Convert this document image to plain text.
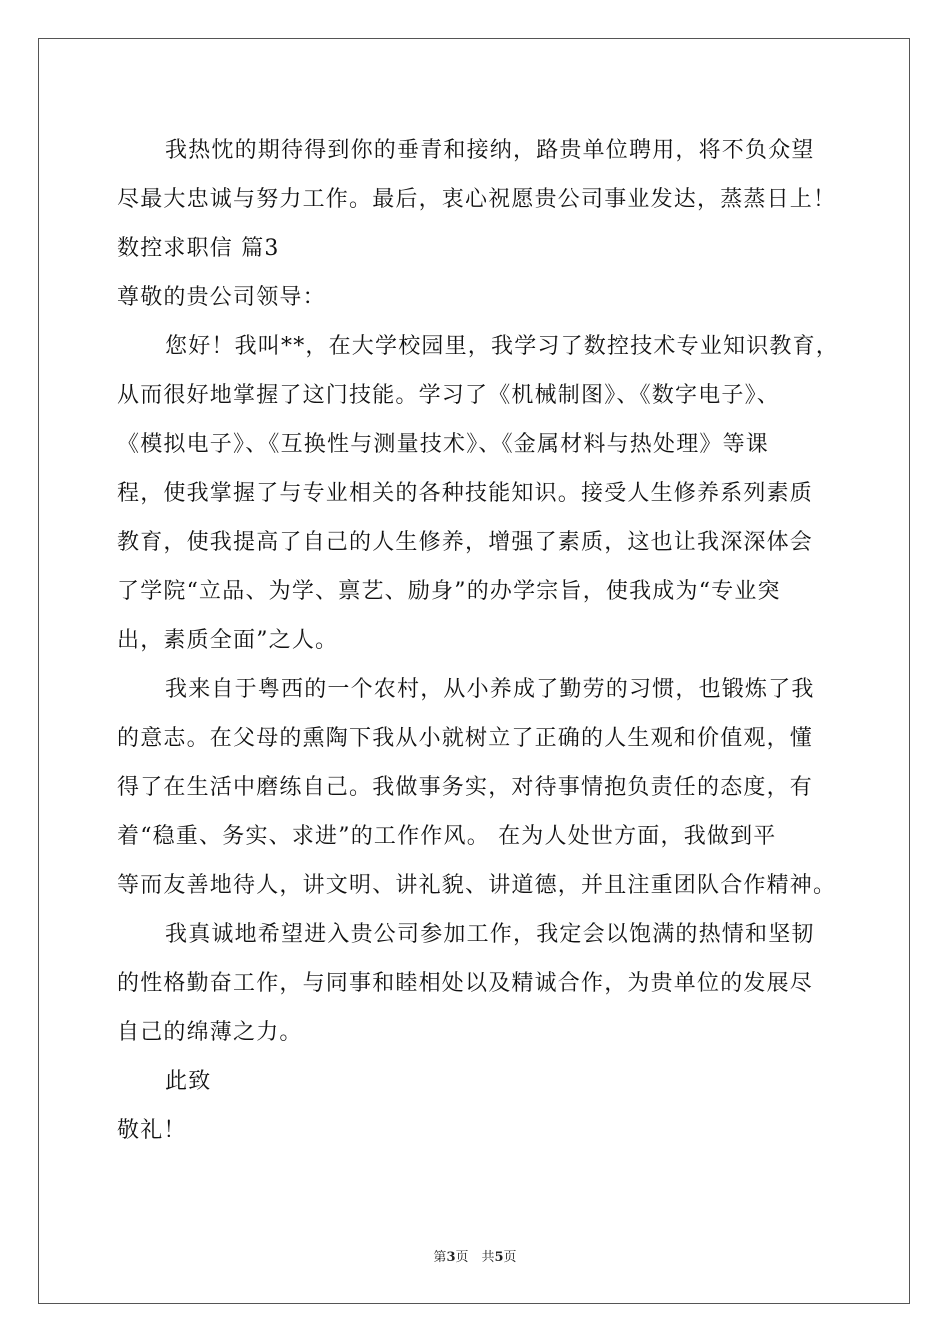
我热忱的期待得到你的垂青和接纳，路贵单位聘用，将不负众望
尽最大忠诚与努力工作。最后，衷心祝愿贵公司事业发达，蒸蒸日上！
数控求职信 篇3
尊敬的贵公司领导：
您好！我叫**，在大学校园里，我学习了数控技术专业知识教育，
从而很好地掌握了这门技能。学习了《机械制图》、《数字电子》、
《模拟电子》、《互换性与测量技术》、《金属材料与热处理》等课
程，使我掌握了与专业相关的各种技能知识。接受人生修养系列素质
教育，使我提高了自己的人生修养，增强了素质，这也让我深深体会
了学院“立品、为学、禀艺、励身”的办学宗旨，使我成为“专业突
出，素质全面”之人。
我来自于粤西的一个农村，从小养成了勤劳的习惯，也锻炼了我
的意志。在父母的熏陶下我从小就树立了正确的人生观和价值观，懂
得了在生活中磨练自己。我做事务实，对待事情抱负责任的态度，有
着“稳重、务实、求进”的工作作风。 在为人处世方面，我做到平
等而友善地待人，讲文明、讲礼貌、讲道德，并且注重团队合作精神。
我真诚地希望进入贵公司参加工作，我定会以饱满的热情和坚韧
的性格勤奋工作，与同事和睦相处以及精诚合作，为贵单位的发展尽
自己的绵薄之力。
此致
敬礼！
第3页　共5页
